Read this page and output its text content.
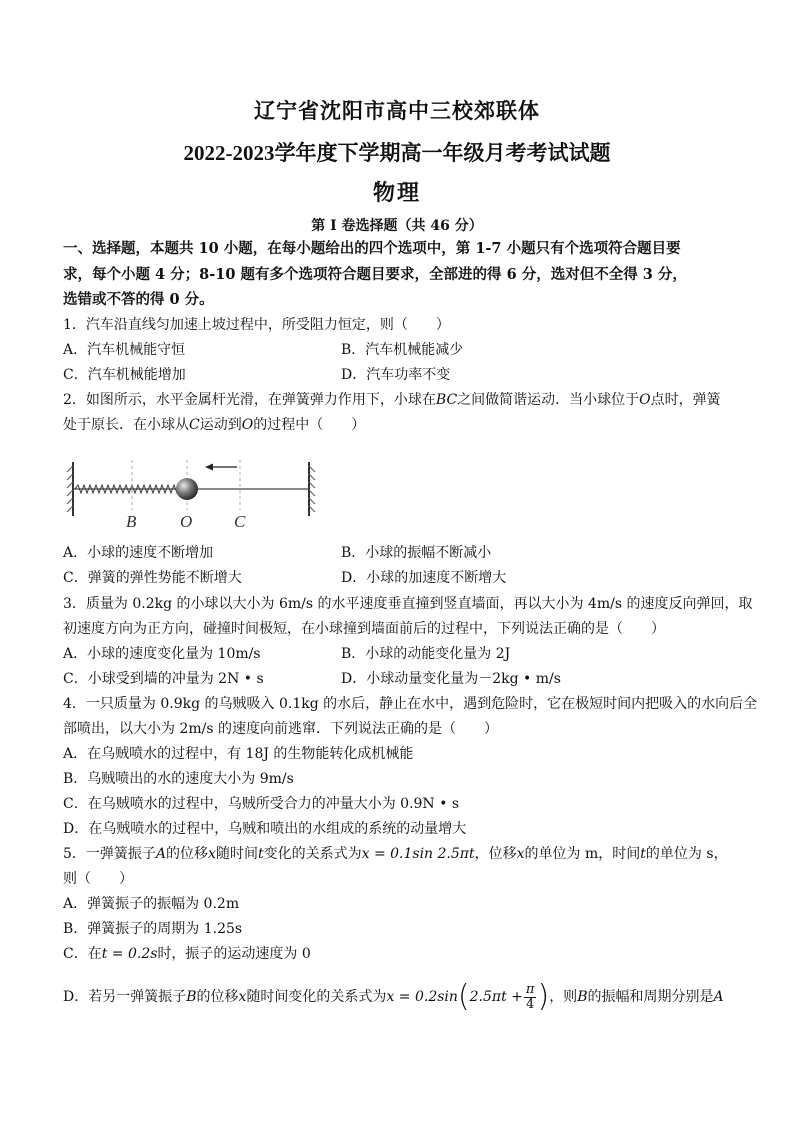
辽宁省沈阳市高中三校郊联体
2022-2023学年度下学期高一年级月考考试试题
物理
第 I 卷选择题（共 46 分）
一、选择题，本题共 10 小题，在每小题给出的四个选项中，第 1-7 小题只有个选项符合题目要
求，每个小题 4 分；8-10 题有多个选项符合题目要求，全部进的得 6 分，选对但不全得 3 分，
选错或不答的得 0 分。
1．汽车沿直线匀加速上坡过程中，所受阻力恒定，则（　　）
A．汽车机械能守恒	B．汽车机械能减少
C．汽车机械能增加	D．汽车功率不变
2．如图所示，水平金属杆光滑，在弹簧弹力作用下，小球在BC之间做简谐运动．当小球位于O点时，弹簧
处于原长．在小球从C运动到O的过程中（　　）
B	O C
A．小球的速度不断增加	B．小球的振幅不断减小
C．弹簧的弹性势能不断增大	D．小球的加速度不断增大
3．质量为 0.2kg 的小球以大小为 6m/s 的水平速度垂直撞到竖直墙面，再以大小为 4m/s 的速度反向弹回，取
初速度方向为正方向，碰撞时间极短，在小球撞到墙面前后的过程中，下列说法正确的是（　　）
A．小球的速度变化量为 10m/s	B．小球的动能变化量为 2J
C．小球受到墙的冲量为 2N • s	D．小球动量变化量为－2kg • m/s
4．一只质量为 0.9kg 的乌贼吸入 0.1kg 的水后，静止在水中，遇到危险时，它在极短时间内把吸入的水向后全
部喷出，以大小为 2m/s 的速度向前逃窜．下列说法正确的是（　　）
A．在乌贼喷水的过程中，有 18J 的生物能转化成机械能
B．乌贼喷出的水的速度大小为 9m/s
C．在乌贼喷水的过程中，乌贼所受合力的冲量大小为 0.9N • s
D．在乌贼喷水的过程中，乌贼和喷出的水组成的系统的动量增大
5．一弹簧振子A的位移x随时间t变化的关系式为x = 0.1sin 2.5πt，位移x的单位为 m，时间t的单位为 s，
则（　　）
A．弹簧振子的振幅为 0.2m
B．弹簧振子的周期为 1.25s
C．在t = 0.2s时，振子的运动速度为 0
D．若另一弹簧振子B的位移x随时间变化的关系式为$x = 0.2\sin(2.5\pi t + \frac{\pi}{4}$ )，则B的振幅和周期分别是A
